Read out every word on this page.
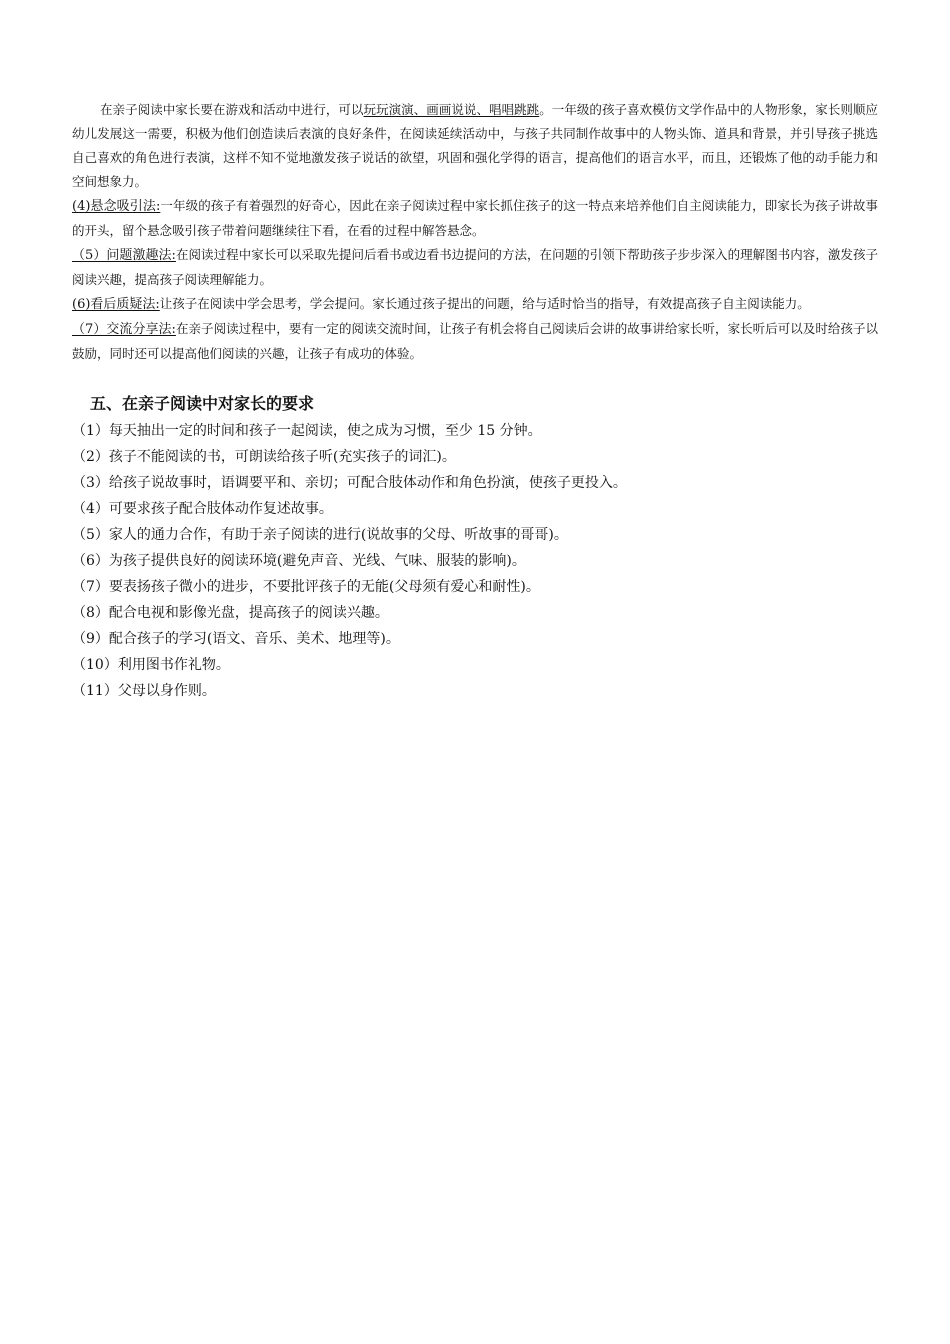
在亲子阅读中家长要在游戏和活动中进行，可以玩玩演演、画画说说、唱唱跳跳。一年级的孩子喜欢模仿文学作品中的人物形象，家长则顺应幼儿发展这一需要，积极为他们创造读后表演的良好条件，在阅读延续活动中，与孩子共同制作故事中的人物头饰、道具和背景，并引导孩子挑选自己喜欢的角色进行表演，这样不知不觉地激发孩子说话的欲望，巩固和强化学得的语言，提高他们的语言水平，而且，还锻炼了他的动手能力和空间想象力。

(4)悬念吸引法:一年级的孩子有着强烈的好奇心，因此在亲子阅读过程中家长抓住孩子的这一特点来培养他们自主阅读能力，即家长为孩子讲故事的开头，留个悬念吸引孩子带着问题继续往下看，在看的过程中解答悬念。

（5）问题激趣法:在阅读过程中家长可以采取先提问后看书或边看书边提问的方法，在问题的引领下帮助孩子步步深入的理解图书内容，激发孩子阅读兴趣，提高孩子阅读理解能力。

(6)看后质疑法:让孩子在阅读中学会思考，学会提问。家长通过孩子提出的问题，给与适时恰当的指导，有效提高孩子自主阅读能力。

（7）交流分享法:在亲子阅读过程中，要有一定的阅读交流时间，让孩子有机会将自己阅读后会讲的故事讲给家长听，家长听后可以及时给孩子以鼓励，同时还可以提高他们阅读的兴趣，让孩子有成功的体验。

五、在亲子阅读中对家长的要求
（1）每天抽出一定的时间和孩子一起阅读，使之成为习惯，至少 15 分钟。
（2）孩子不能阅读的书，可朗读给孩子听(充实孩子的词汇)。
（3）给孩子说故事时，语调要平和、亲切；可配合肢体动作和角色扮演，使孩子更投入。
（4）可要求孩子配合肢体动作复述故事。
（5）家人的通力合作，有助于亲子阅读的进行(说故事的父母、听故事的哥哥)。
（6）为孩子提供良好的阅读环境(避免声音、光线、气味、服装的影响)。
（7）要表扬孩子微小的进步，不要批评孩子的无能(父母须有爱心和耐性)。
（8）配合电视和影像光盘，提高孩子的阅读兴趣。
（9）配合孩子的学习(语文、音乐、美术、地理等)。
（10）利用图书作礼物。
（11）父母以身作则。
